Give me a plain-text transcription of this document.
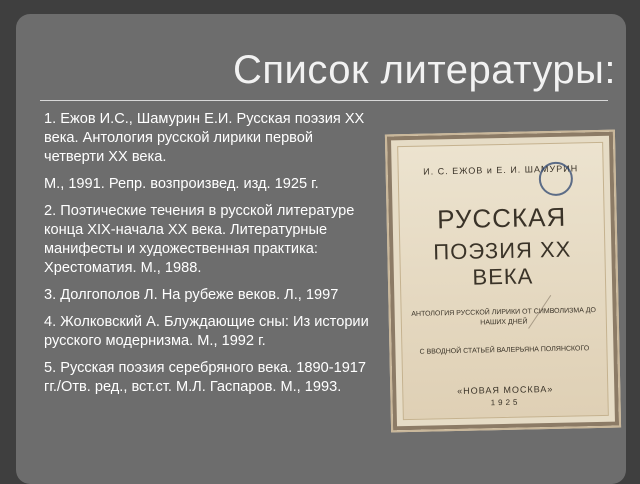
Список литературы:

1. Ежов И.С., Шамурин Е.И. Русская поэзия ХХ века. Антология русской лирики первой четверти ХХ века.

М., 1991. Репр. возпроизвед. изд. 1925 г.

2. Поэтические течения в русской литературе конца XIX-начала XX века. Литературные манифесты и художественная практика: Хрестоматия. М., 1988.

3. Долгополов Л. На рубеже веков. Л., 1997

4. Жолковский А. Блуждающие сны: Из истории русского модернизма. М., 1992 г.

5. Русская поэзия серебряного века. 1890-1917 гг./Отв. ред., вст.ст. М.Л. Гаспаров. М., 1993.

И. С. ЕЖОВ и Е. И. ШАМУРИН
РУССКАЯ
ПОЭЗИЯ XX ВЕКА
АНТОЛОГИЯ РУССКОЙ ЛИРИКИ ОТ СИМВОЛИЗМА ДО НАШИХ ДНЕЙ
С ВВОДНОЙ СТАТЬЕЙ ВАЛЕРЬЯНА ПОЛЯНСКОГО
«НОВАЯ МОСКВА»
1925
